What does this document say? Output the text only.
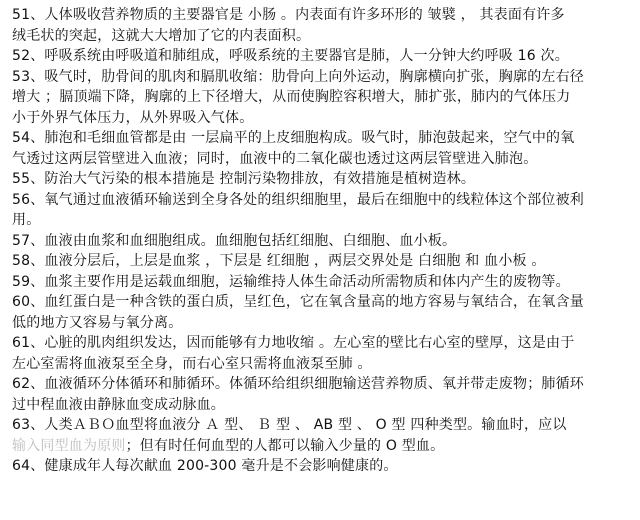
51、人体吸收营养物质的主要器官是 小肠 。内表面有许多环形的 皱襞 ， 其表面有许多
绒毛状的突起，这就大大增加了它的内表面积。
52、呼吸系统由呼吸道和肺组成，呼吸系统的主要器官是肺，人一分钟大约呼吸 16 次。
53、吸气时，肋骨间的肌肉和膈肌收缩：肋骨向上向外运动，胸廓横向扩张，胸廓的左右径
增大 ；膈顶端下降，胸廓的上下径增大，从而使胸腔容积增大，肺扩张，肺内的气体压力
小于外界气体压力，从外界吸入气体。
54、肺泡和毛细血管都是由 一层扁平的上皮细胞构成。吸气时，肺泡鼓起来，空气中的氧
气透过这两层管壁进入血液；同时，血液中的二氧化碳也透过这两层管壁进入肺泡。
55、防治大气污染的根本措施是 控制污染物排放，有效措施是植树造林。
56、氧气通过血液循环输送到全身各处的组织细胞里，最后在细胞中的线粒体这个部位被利
用。
57、血液由血浆和血细胞组成。血细胞包括红细胞、白细胞、血小板。
58、血液分层后，上层是血浆 ，下层是 红细胞 ，两层交界处是 白细胞 和 血小板 。
59、血浆主要作用是运载血细胞，运输维持人体生命活动所需物质和体内产生的废物等。
60、血红蛋白是一种含铁的蛋白质，呈红色，它在氧含量高的地方容易与氧结合，在氧含量
低的地方又容易与氧分离。
61、心脏的肌肉组织发达，因而能够有力地收缩 。左心室的壁比右心室的壁厚，这是由于
左心室需将血液泵至全身，而右心室只需将血液泵至肺 。
62、血液循环分体循环和肺循环。体循环给组织细胞输送营养物质、氧并带走废物；肺循环
过中程血液由静脉血变成动脉血。
63、人类ＡＢＯ血型将血液分 Ａ 型、 Ｂ 型 、 AB 型 、 O 型 四种类型。输血时，应以
输入同型血为原则；但有时任何血型的人都可以输入少量的 O 型血。
64、健康成年人每次献血 200-300 毫升是不会影响健康的。
